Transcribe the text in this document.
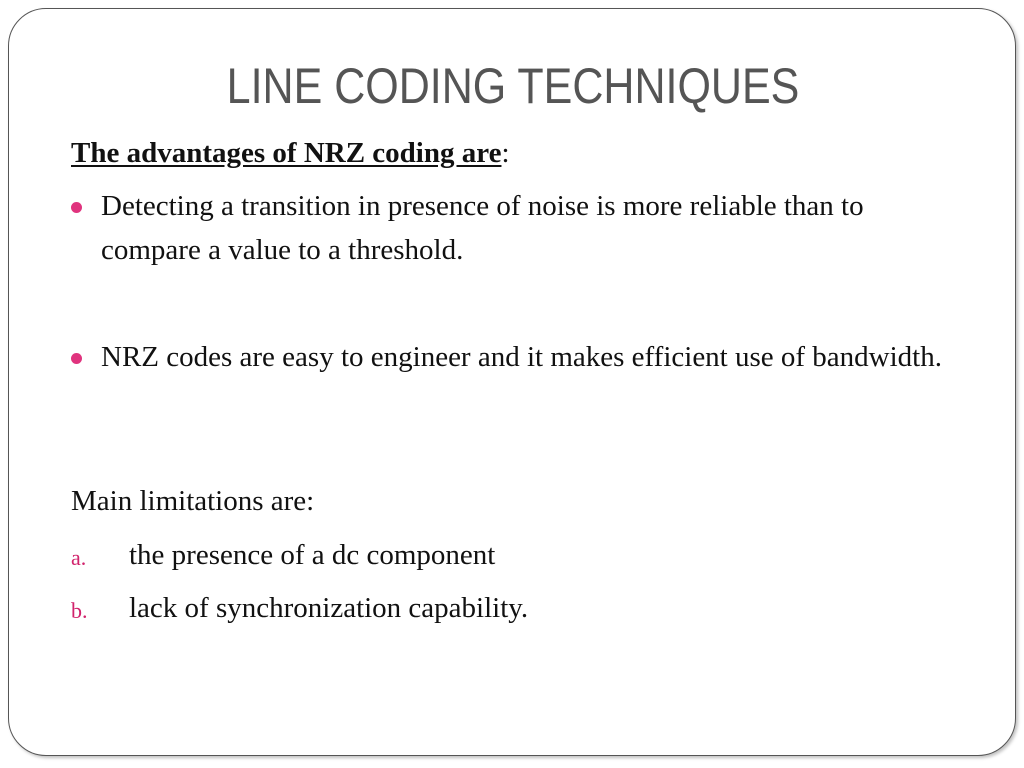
LINE CODING TECHNIQUES
The advantages of NRZ coding are:
Detecting a transition in presence of noise is more reliable than to compare a value to a threshold.
NRZ codes are easy to engineer and it makes efficient use of bandwidth.
Main limitations are:
a. the presence of a dc component
b. lack of synchronization capability.
